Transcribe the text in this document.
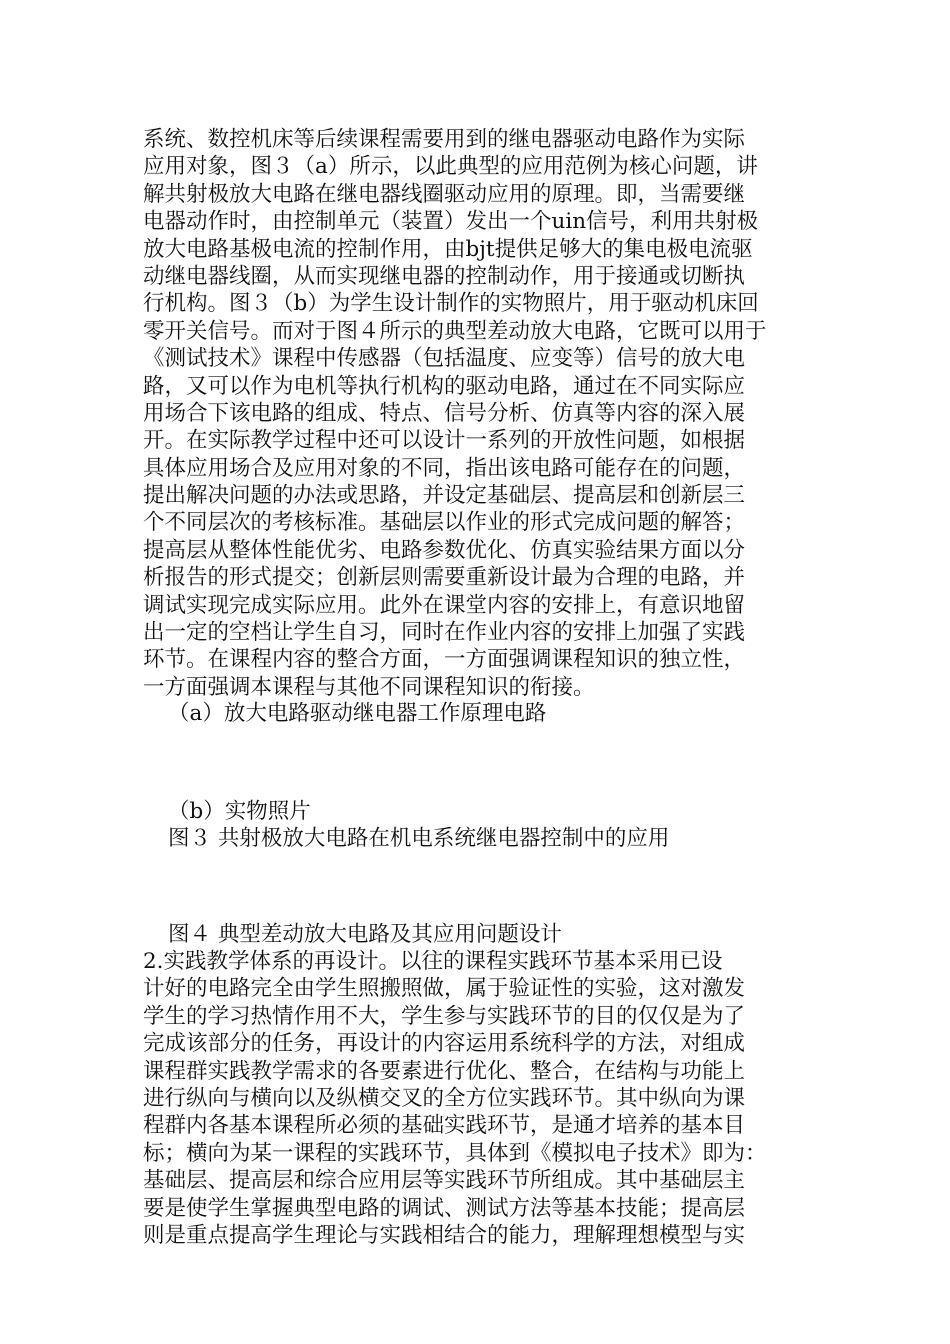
系统、数控机床等后续课程需要用到的继电器驱动电路作为实际
应用对象，图３（a）所示，以此典型的应用范例为核心问题，讲
解共射极放大电路在继电器线圈驱动应用的原理。即，当需要继
电器动作时，由控制单元（装置）发出一个uin信号，利用共射极
放大电路基极电流的控制作用，由bjt提供足够大的集电极电流驱
动继电器线圈，从而实现继电器的控制动作，用于接通或切断执
行机构。图３（b）为学生设计制作的实物照片，用于驱动机床回
零开关信号。而对于图４所示的典型差动放大电路，它既可以用于
《测试技术》课程中传感器（包括温度、应变等）信号的放大电
路，又可以作为电机等执行机构的驱动电路，通过在不同实际应
用场合下该电路的组成、特点、信号分析、仿真等内容的深入展
开。在实际教学过程中还可以设计一系列的开放性问题，如根据
具体应用场合及应用对象的不同，指出该电路可能存在的问题，
提出解决问题的办法或思路，并设定基础层、提高层和创新层三
个不同层次的考核标准。基础层以作业的形式完成问题的解答；
提高层从整体性能优劣、电路参数优化、仿真实验结果方面以分
析报告的形式提交；创新层则需要重新设计最为合理的电路，并
调试实现完成实际应用。此外在课堂内容的安排上，有意识地留
出一定的空档让学生自习，同时在作业内容的安排上加强了实践
环节。在课程内容的整合方面，一方面强调课程知识的独立性，
一方面强调本课程与其他不同课程知识的衔接。
（a）放大电路驱动继电器工作原理电路
（b）实物照片
图３ 共射极放大电路在机电系统继电器控制中的应用
图４ 典型差动放大电路及其应用问题设计
2.实践教学体系的再设计。以往的课程实践环节基本采用已设
计好的电路完全由学生照搬照做，属于验证性的实验，这对激发
学生的学习热情作用不大，学生参与实践环节的目的仅仅是为了
完成该部分的任务，再设计的内容运用系统科学的方法，对组成
课程群实践教学需求的各要素进行优化、整合，在结构与功能上
进行纵向与横向以及纵横交叉的全方位实践环节。其中纵向为课
程群内各基本课程所必须的基础实践环节，是通才培养的基本目
标；横向为某一课程的实践环节，具体到《模拟电子技术》即为：
基础层、提高层和综合应用层等实践环节所组成。其中基础层主
要是使学生掌握典型电路的调试、测试方法等基本技能；提高层
则是重点提高学生理论与实践相结合的能力，理解理想模型与实
